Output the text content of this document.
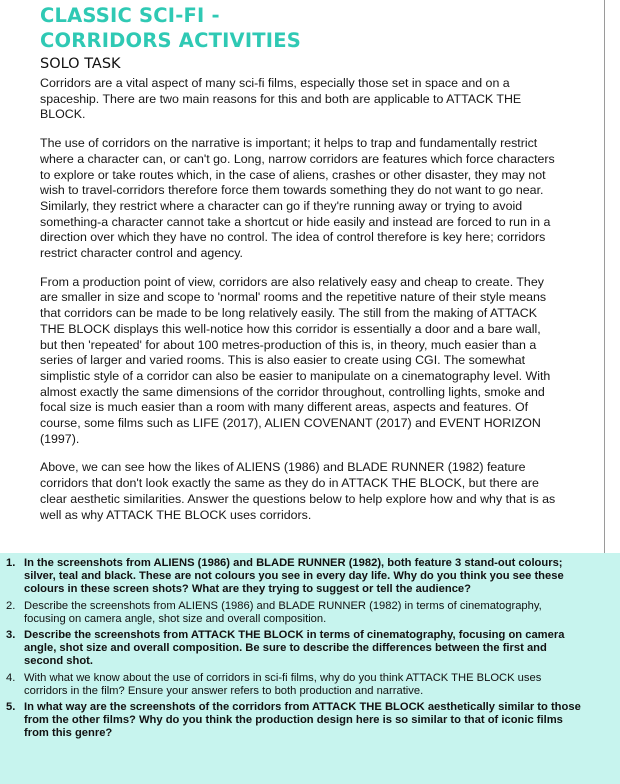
CLASSIC SCI-FI -
CORRIDORS ACTIVITIES
SOLO TASK

Corridors are a vital aspect of many sci-fi films, especially those set in space and on a spaceship. There are two main reasons for this and both are applicable to ATTACK THE BLOCK.

The use of corridors on the narrative is important; it helps to trap and fundamentally restrict where a character can, or can't go. Long, narrow corridors are features which force characters to explore or take routes which, in the case of aliens, crashes or other disaster, they may not wish to travel-corridors therefore force them towards something they do not want to go near. Similarly, they restrict where a character can go if they're running away or trying to avoid something-a character cannot take a shortcut or hide easily and instead are forced to run in a direction over which they have no control. The idea of control therefore is key here; corridors restrict character control and agency.

From a production point of view, corridors are also relatively easy and cheap to create. They are smaller in size and scope to 'normal' rooms and the repetitive nature of their style means that corridors can be made to be long relatively easily. The still from the making of ATTACK THE BLOCK displays this well-notice how this corridor is essentially a door and a bare wall, but then 'repeated' for about 100 metres-production of this is, in theory, much easier than a series of larger and varied rooms. This is also easier to create using CGI. The somewhat simplistic style of a corridor can also be easier to manipulate on a cinematography level. With almost exactly the same dimensions of the corridor throughout, controlling lights, smoke and focal size is much easier than a room with many different areas, aspects and features. Of course, some films such as LIFE (2017), ALIEN COVENANT (2017) and EVENT HORIZON (1997).

Above, we can see how the likes of ALIENS (1986) and BLADE RUNNER (1982) feature corridors that don't look exactly the same as they do in ATTACK THE BLOCK, but there are clear aesthetic similarities. Answer the questions below to help explore how and why that is as well as why ATTACK THE BLOCK uses corridors.

1. In the screenshots from ALIENS (1986) and BLADE RUNNER (1982), both feature 3 stand-out colours; silver, teal and black. These are not colours you see in every day life. Why do you think you see these colours in these screen shots? What are they trying to suggest or tell the audience?
2. Describe the screenshots from ALIENS (1986) and BLADE RUNNER (1982) in terms of cinematography, focusing on camera angle, shot size and overall composition.
3. Describe the screenshots from ATTACK THE BLOCK in terms of cinematography, focusing on camera angle, shot size and overall composition. Be sure to describe the differences between the first and second shot.
4. With what we know about the use of corridors in sci-fi films, why do you think ATTACK THE BLOCK uses corridors in the film? Ensure your answer refers to both production and narrative.
5. In what way are the screenshots of the corridors from ATTACK THE BLOCK aesthetically similar to those from the other films? Why do you think the production design here is so similar to that of iconic films from this genre?
